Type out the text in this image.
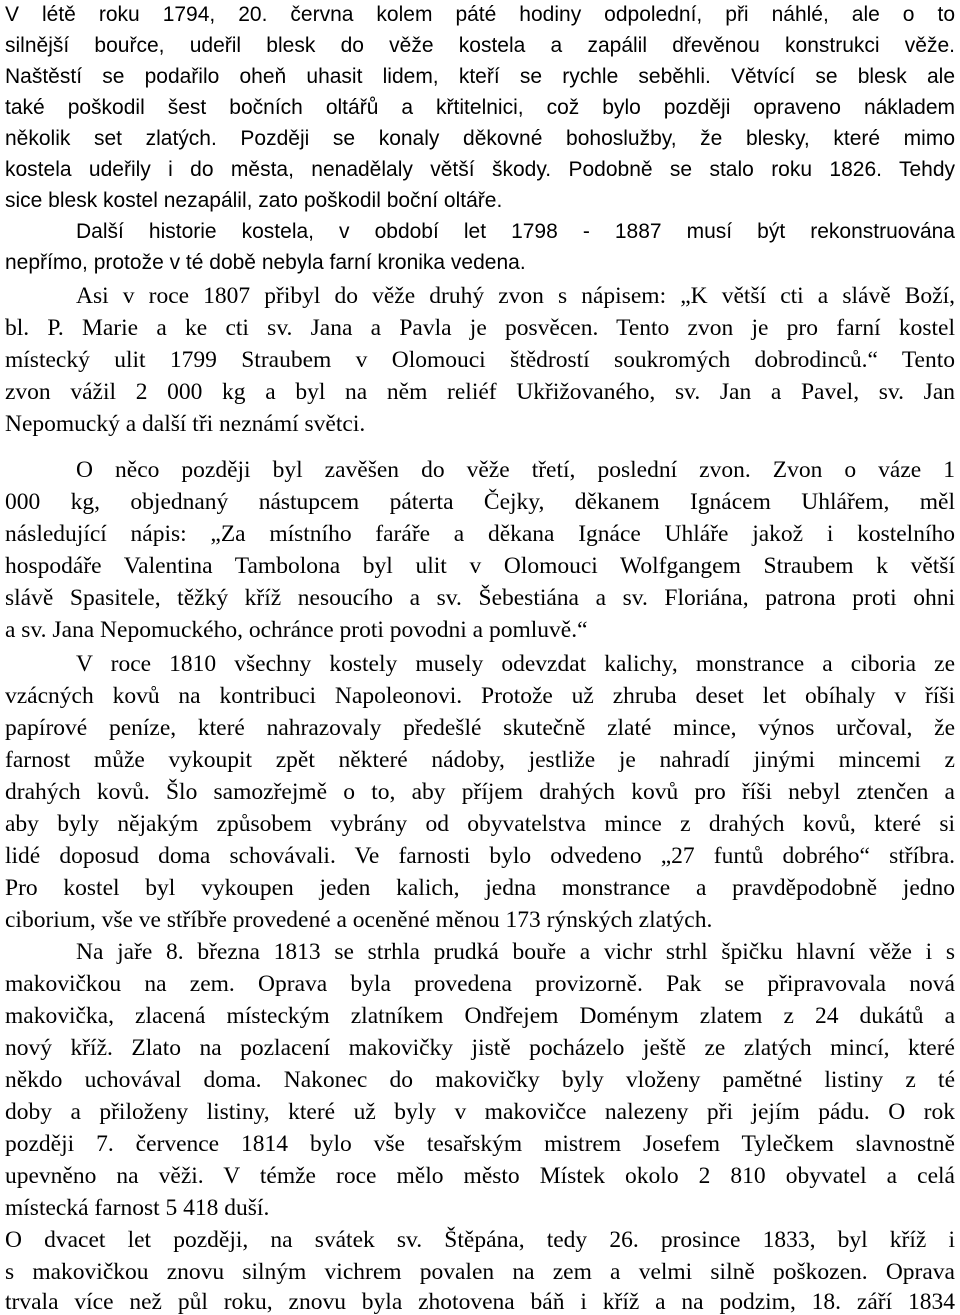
V létě roku 1794, 20. června kolem páté hodiny odpolední, při náhlé, ale o to

silnější bouřce, udeřil blesk do věže kostela a zapálil dřevěnou konstrukci věže.

Naštěstí se podařilo oheň uhasit lidem, kteří se rychle seběhli. Větvící se blesk ale

také poškodil šest bočních oltářů a křtitelnici, což bylo později opraveno nákladem

několik set zlatých. Později se konaly děkovné bohoslužby, že blesky, které mimo

kostela udeřily i do města, nenadělaly větší škody. Podobně se stalo roku 1826. Tehdy

sice blesk kostel nezapálil, zato poškodil boční oltáře.

Další historie kostela, v období let 1798 - 1887 musí být rekonstruována

nepřímo, protože v té době nebyla farní kronika vedena.

Asi v roce 1807 přibyl do věže druhý zvon s nápisem: „K větší cti a slávě Boží,

bl. P. Marie a ke cti sv. Jana a Pavla je posvěcen. Tento zvon je pro farní kostel

místecký ulit 1799 Straubem v Olomouci štědrostí soukromých dobrodinců.“ Tento

zvon vážil 2 000 kg a byl na něm reliéf Ukřižovaného, sv. Jan a Pavel, sv. Jan

Nepomucký a další tři neznámí světci.

O něco později byl zavěšen do věže třetí, poslední zvon. Zvon o váze 1

000 kg, objednaný nástupcem páterta Čejky, děkanem Ignácem Uhlářem, měl

následující nápis: „Za místního faráře a děkana Ignáce Uhláře jakož i kostelního

hospodáře Valentina Tambolona byl ulit v Olomouci Wolfgangem Straubem k větší

slávě Spasitele, těžký kříž nesoucího a sv. Šebestiána a sv. Floriána, patrona proti ohni

a sv. Jana Nepomuckého, ochránce proti povodni a pomluvě.“

V roce 1810 všechny kostely musely odevzdat kalichy, monstrance a ciboria ze

vzácných kovů na kontribuci Napoleonovi. Protože už zhruba deset let obíhaly v říši

papírové peníze, které nahrazovaly předešlé skutečně zlaté mince, výnos určoval, že

farnost může vykoupit zpět některé nádoby, jestliže je nahradí jinými mincemi z

drahých kovů. Šlo samozřejmě o to, aby příjem drahých kovů pro říši nebyl ztenčen a

aby byly nějakým způsobem vybrány od obyvatelstva mince z drahých kovů, které si

lidé doposud doma schovávali. Ve farnosti bylo odvedeno „27 funtů dobrého“ stříbra.

Pro kostel byl vykoupen jeden kalich, jedna monstrance a pravděpodobně jedno

ciborium, vše ve stříbře provedené a oceněné měnou 173 rýnských zlatých.

Na jaře 8. března 1813 se strhla prudká bouře a vichr strhl špičku hlavní věže i s

makovičkou na zem. Oprava byla provedena provizorně. Pak se připravovala nová

makovička, zlacená místeckým zlatníkem Ondřejem Doménym zlatem z 24 dukátů a

nový kříž. Zlato na pozlacení makovičky jistě pocházelo ještě ze zlatých mincí, které

někdo uchovával doma. Nakonec do makovičky byly vloženy pamětné listiny z té

doby a přiloženy listiny, které už byly v makovičce nalezeny při jejím pádu. O rok

později 7. července 1814 bylo vše tesařským mistrem Josefem Tylečkem slavnostně

upevněno na věži. V témže roce mělo město Místek okolo 2 810 obyvatel a celá

místecká farnost 5 418 duší.

O dvacet let později, na svátek sv. Štěpána, tedy 26. prosince 1833, byl kříž i

s makovičkou znovu silným vichrem povalen na zem a velmi silně poškozen. Oprava

trvala více než půl roku, znovu byla zhotovena báň i kříž a na podzim, 18. září 1834
